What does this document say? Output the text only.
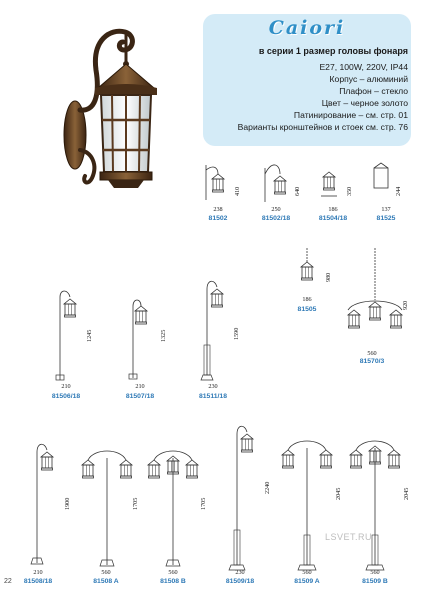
Caiori
в серии 1 размер головы фонаря
E27, 100W, 220V, IP44
Корпус – алюминий
Плафон – стекло
Цвет – черное золото
Патинирование – см. стр. 01
Варианты кронштейнов и стоек см. стр. 76
410	640	350	244
238	250	186	137
81502	81502/18	81504/18	81525
980
186
81505	920
560
81570/3
1245
210
81506/18
1325
210
81507/18
1590
230
81511/18
1900
210
81508/18
1705
560
81508 A
1705
560
81508 B
2240
230
81509/18
2045
560
81509 A
2045
560
81509 B
22
LSVET.RU
